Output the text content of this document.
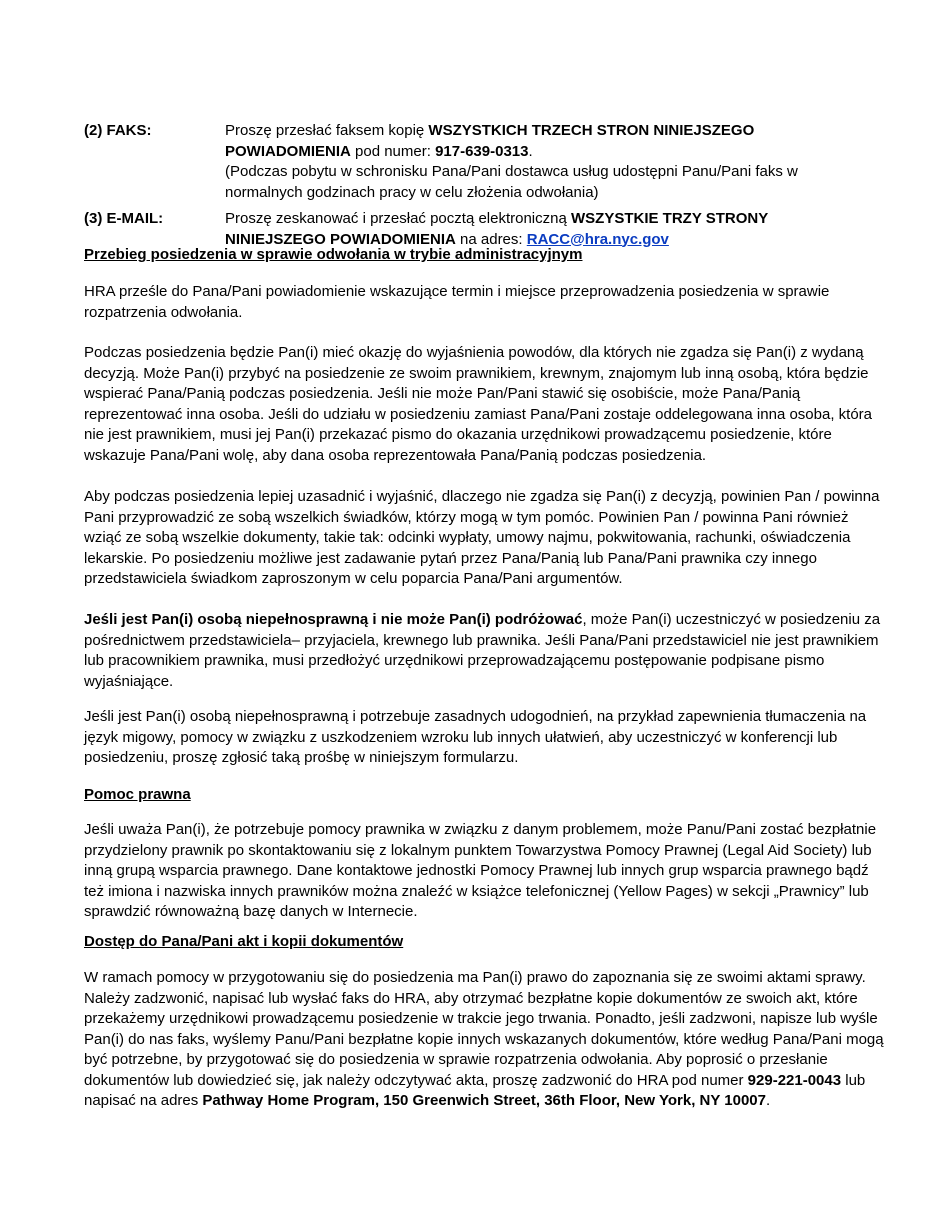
(2) FAKS:	Proszę przesłać faksem kopię WSZYSTKICH TRZECH STRON NINIEJSZEGO POWIADOMIENIA pod numer: 917-639-0313.
(Podczas pobytu w schronisku Pana/Pani dostawca usług udostępni Panu/Pani faks w normalnych godzinach pracy w celu złożenia odwołania)
(3) E-MAIL:	Proszę zeskanować i przesłać pocztą elektroniczną WSZYSTKIE TRZY STRONY NINIEJSZEGO POWIADOMIENIA na adres: RACC@hra.nyc.gov
Przebieg posiedzenia w sprawie odwołania w trybie administracyjnym

HRA prześle do Pana/Pani powiadomienie wskazujące termin i miejsce przeprowadzenia posiedzenia w sprawie rozpatrzenia odwołania.

Podczas posiedzenia będzie Pan(i) mieć okazję do wyjaśnienia powodów, dla których nie zgadza się Pan(i) z wydaną decyzją. Może Pan(i) przybyć na posiedzenie ze swoim prawnikiem, krewnym, znajomym lub inną osobą, która będzie wspierać Pana/Panią podczas posiedzenia. Jeśli nie może Pan/Pani stawić się osobiście, może Pana/Panią reprezentować inna osoba. Jeśli do udziału w posiedzeniu zamiast Pana/Pani zostaje oddelegowana inna osoba, która nie jest prawnikiem, musi jej Pan(i) przekazać pismo do okazania urzędnikowi prowadzącemu posiedzenie, które wskazuje Pana/Pani wolę, aby dana osoba reprezentowała Pana/Panią podczas posiedzenia.

Aby podczas posiedzenia lepiej uzasadnić i wyjaśnić, dlaczego nie zgadza się Pan(i) z decyzją, powinien Pan / powinna Pani przyprowadzić ze sobą wszelkich świadków, którzy mogą w tym pomóc. Powinien Pan / powinna Pani również wziąć ze sobą wszelkie dokumenty, takie tak: odcinki wypłaty, umowy najmu, pokwitowania, rachunki, oświadczenia lekarskie. Po posiedzeniu możliwe jest zadawanie pytań przez Pana/Panią lub Pana/Pani prawnika czy innego przedstawiciela świadkom zaproszonym w celu poparcia Pana/Pani argumentów.

Jeśli jest Pan(i) osobą niepełnosprawną i nie może Pan(i) podróżować, może Pan(i) uczestniczyć w posiedzeniu za pośrednictwem przedstawiciela– przyjaciela, krewnego lub prawnika. Jeśli Pana/Pani przedstawiciel nie jest prawnikiem lub pracownikiem prawnika, musi przedłożyć urzędnikowi przeprowadzającemu postępowanie podpisane pismo wyjaśniające.

Jeśli jest Pan(i) osobą niepełnosprawną i potrzebuje zasadnych udogodnień, na przykład zapewnienia tłumaczenia na język migowy, pomocy w związku z uszkodzeniem wzroku lub innych ułatwień, aby uczestniczyć w konferencji lub posiedzeniu, proszę zgłosić taką prośbę w niniejszym formularzu.

Pomoc prawna

Jeśli uważa Pan(i), że potrzebuje pomocy prawnika w związku z danym problemem, może Panu/Pani zostać bezpłatnie przydzielony prawnik po skontaktowaniu się z lokalnym punktem Towarzystwa Pomocy Prawnej (Legal Aid Society) lub inną grupą wsparcia prawnego. Dane kontaktowe jednostki Pomocy Prawnej lub innych grup wsparcia prawnego bądź też imiona i nazwiska innych prawników można znaleźć w książce telefonicznej (Yellow Pages) w sekcji „Prawnicy” lub sprawdzić równoważną bazę danych w Internecie.

Dostęp do Pana/Pani akt i kopii dokumentów

W ramach pomocy w przygotowaniu się do posiedzenia ma Pan(i) prawo do zapoznania się ze swoimi aktami sprawy. Należy zadzwonić, napisać lub wysłać faks do HRA, aby otrzymać bezpłatne kopie dokumentów ze swoich akt, które przekażemy urzędnikowi prowadzącemu posiedzenie w trakcie jego trwania. Ponadto, jeśli zadzwoni, napisze lub wyśle Pan(i) do nas faks, wyślemy Panu/Pani bezpłatne kopie innych wskazanych dokumentów, które według Pana/Pani mogą być potrzebne, by przygotować się do posiedzenia w sprawie rozpatrzenia odwołania. Aby poprosić o przesłanie dokumentów lub dowiedzieć się, jak należy odczytywać akta, proszę zadzwonić do HRA pod numer 929-221-0043 lub napisać na adres Pathway Home Program, 150 Greenwich Street, 36th Floor, New York, NY 10007.
